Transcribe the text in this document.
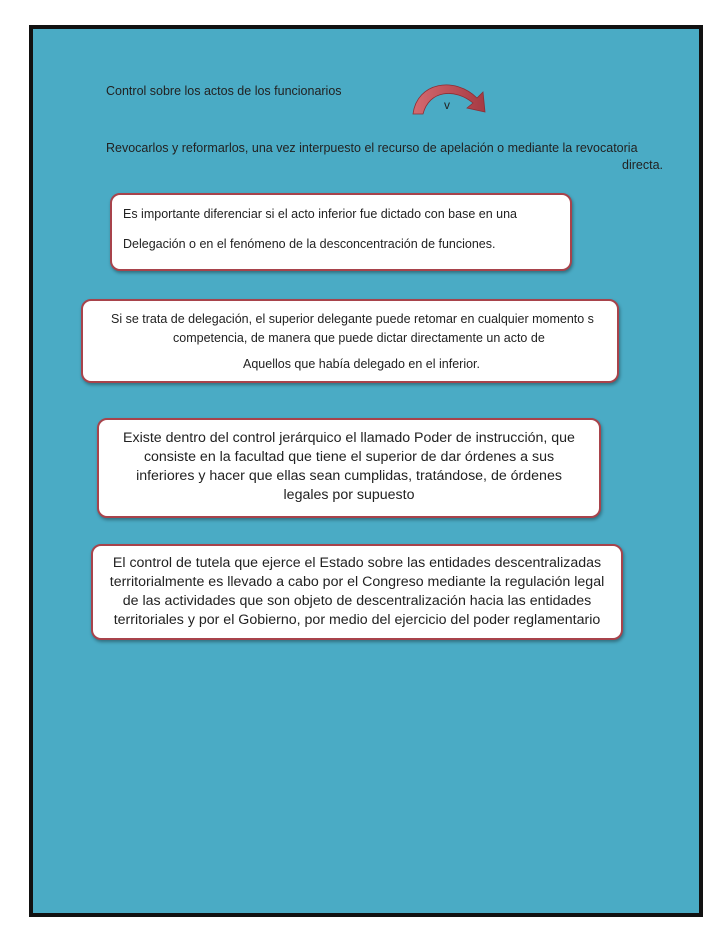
Control sobre los actos de los funcionarios
v
Revocarlos y reformarlos, una vez interpuesto el recurso de apelación o mediante la revocatoria
directa.
Es importante diferenciar si el acto inferior fue dictado con base en una
Delegación o en el fenómeno de la desconcentración de funciones.
Si se trata de delegación, el superior delegante puede retomar en cualquier momento s
competencia, de manera que puede dictar directamente un acto de
Aquellos que había delegado en el inferior.
Existe dentro del control jerárquico el llamado Poder de instrucción, que
consiste en la facultad que tiene el superior de dar órdenes a sus
inferiores y hacer que ellas sean cumplidas, tratándose, de órdenes
legales por supuesto
El control de tutela que ejerce el Estado sobre las entidades descentralizadas
territorialmente es llevado a cabo por el Congreso mediante la regulación legal
de las actividades que son objeto de descentralización hacia las entidades
territoriales y por el Gobierno, por medio del ejercicio del poder reglamentario
